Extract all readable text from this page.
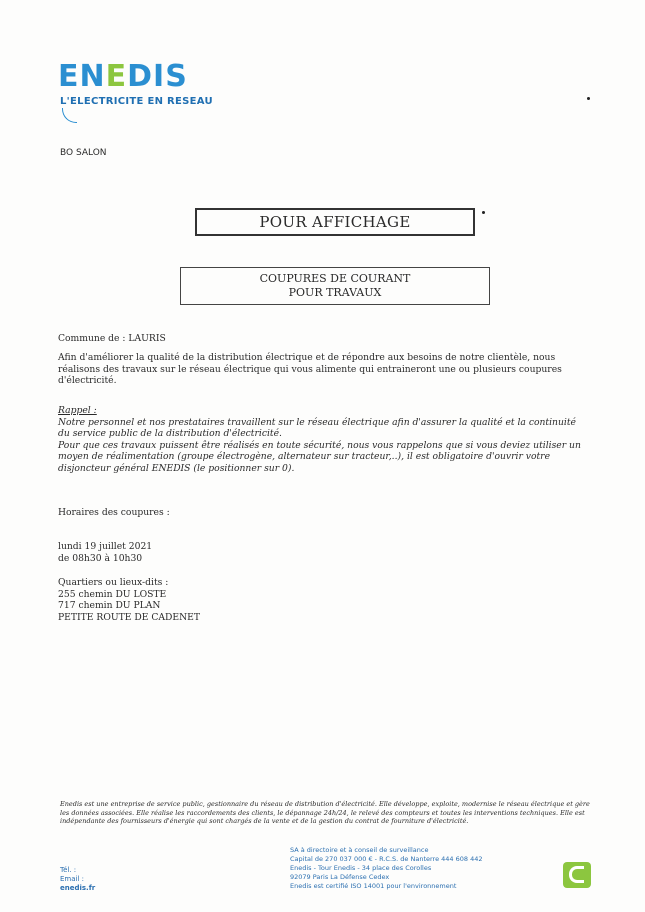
ENEDIS
L'ELECTRICITE EN RESEAU
BO SALON
POUR AFFICHAGE
COUPURES DE COURANT
POUR TRAVAUX
Commune de : LAURIS
Afin d'améliorer la qualité de la distribution électrique et de répondre aux besoins de notre clientèle, nous réalisons des travaux sur le réseau électrique qui vous alimente qui entraineront une ou plusieurs coupures d'électricité.
Rappel :
Notre personnel et nos prestataires travaillent sur le réseau électrique afin d'assurer la qualité et la continuité du service public de la distribution d'électricité.
Pour que ces travaux puissent être réalisés en toute sécurité, nous vous rappelons que si vous deviez utiliser un moyen de réalimentation (groupe électrogène, alternateur sur tracteur,..), il est obligatoire d'ouvrir votre disjoncteur général ENEDIS (le positionner sur 0).
Horaires des coupures :
lundi 19 juillet 2021
de 08h30 à 10h30
Quartiers ou lieux-dits :
255 chemin DU LOSTE
717 chemin DU PLAN
PETITE ROUTE DE CADENET
Enedis est une entreprise de service public, gestionnaire du réseau de distribution d'électricité. Elle développe, exploite, modernise le réseau électrique et gère les données associées. Elle réalise les raccordements des clients, le dépannage 24h/24, le relevé des compteurs et toutes les interventions techniques. Elle est indépendante des fournisseurs d'énergie qui sont chargés de la vente et de la gestion du contrat de fourniture d'électricité.
Tél. :
Email :
enedis.fr
SA à directoire et à conseil de surveillance
Capital de 270 037 000 € - R.C.S. de Nanterre 444 608 442
Enedis - Tour Enedis - 34 place des Corolles
92079 Paris La Défense Cedex
Enedis est certifié ISO 14001 pour l'environnement
